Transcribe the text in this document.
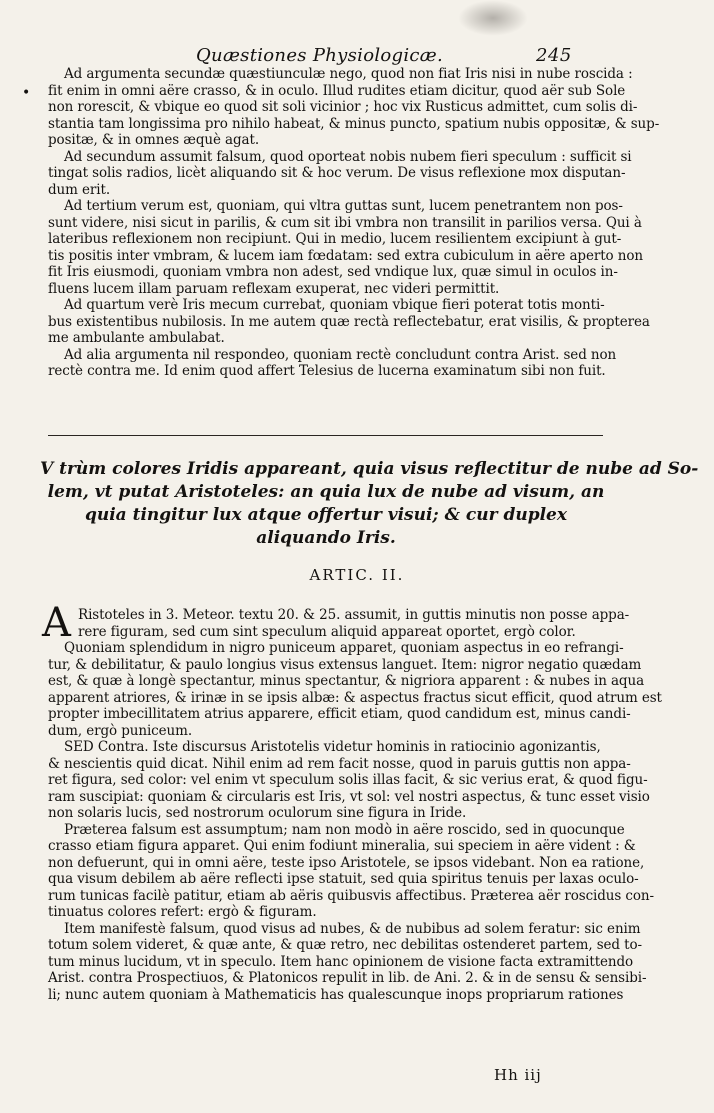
Quæstiones Physiologicæ.	245
•

Ad argumenta secundæ quæstiunculæ nego, quod non fiat Iris nisi in nube roscida :
fit enim in omni aëre crasso, & in oculo. Illud rudites etiam dicitur, quod aër sub Sole
non rorescit, & vbique eo quod sit soli vicinior ; hoc vix Rusticus admittet, cum solis di-
stantia tam longissima pro nihilo habeat, & minus puncto, spatium nubis oppositæ, & sup-
positæ, & in omnes æquè agat.

Ad secundum assumit falsum, quod oporteat nobis nubem fieri speculum : sufficit si
tingat solis radios, licèt aliquando sit & hoc verum. De visus reflexione mox disputan-
dum erit.

Ad tertium verum est, quoniam, qui vltra guttas sunt, lucem penetrantem non pos-
sunt videre, nisi sicut in parilis, & cum sit ibi vmbra non transilit in parilios versa. Qui à
lateribus reflexionem non recipiunt. Qui in medio, lucem resilientem excipiunt à gut-
tis positis inter vmbram, & lucem iam fœdatam: sed extra cubiculum in aëre aperto non
fit Iris eiusmodi, quoniam vmbra non adest, sed vndique lux, quæ simul in oculos in-
fluens lucem illam paruam reflexam exuperat, nec videri permittit.

Ad quartum verè Iris mecum currebat, quoniam vbique fieri poterat totis monti-
bus existentibus nubilosis. In me autem quæ rectà reflectebatur, erat visilis, & propterea
me ambulante ambulabat.

Ad alia argumenta nil respondeo, quoniam rectè concludunt contra Arist. sed non
rectè contra me. Id enim quod affert Telesius de lucerna examinatum sibi non fuit.

V trùm colores Iridis appareant, quia visus reflectitur de nube ad So-
lem, vt putat Aristoteles: an quia lux de nube ad visum, an
quia tingitur lux atque offertur visui; & cur duplex
aliquando Iris.
ARTIC. II.
A Ristoteles in 3. Meteor. textu 20. & 25. assumit, in guttis minutis non posse appa-
rere figuram, sed cum sint speculum aliquid appareat oportet, ergò color.

Quoniam splendidum in nigro puniceum apparet, quoniam aspectus in eo refrangi-
tur, & debilitatur, & paulo longius visus extensus languet. Item: nigror negatio quædam
est, & quæ à longè spectantur, minus spectantur, & nigriora apparent : & nubes in aqua
apparent atriores, & irinæ in se ipsis albæ: & aspectus fractus sicut efficit, quod atrum est
propter imbecillitatem atrius apparere, efficit etiam, quod candidum est, minus candi-
dum, ergò puniceum.

SED Contra. Iste discursus Aristotelis videtur hominis in ratiocinio agonizantis,
& nescientis quid dicat. Nihil enim ad rem facit nosse, quod in paruis guttis non appa-
ret figura, sed color: vel enim vt speculum solis illas facit, & sic verius erat, & quod figu-
ram suscipiat: quoniam & circularis est Iris, vt sol: vel nostri aspectus, & tunc esset visio
non solaris lucis, sed nostrorum oculorum sine figura in Iride.

Præterea falsum est assumptum; nam non modò in aëre roscido, sed in quocunque
crasso etiam figura apparet. Qui enim fodiunt mineralia, sui speciem in aëre vident : &
non defuerunt, qui in omni aëre, teste ipso Aristotele, se ipsos videbant. Non ea ratione,
qua visum debilem ab aëre reflecti ipse statuit, sed quia spiritus tenuis per laxas oculo-
rum tunicas facilè patitur, etiam ab aëris quibusvis affectibus. Præterea aër roscidus con-
tinuatus colores refert: ergò & figuram.

Item manifestè falsum, quod visus ad nubes, & de nubibus ad solem feratur: sic enim
totum solem videret, & quæ ante, & quæ retro, nec debilitas ostenderet partem, sed to-
tum minus lucidum, vt in speculo. Item hanc opinionem de visione facta extramittendo
Arist. contra Prospectiuos, & Platonicos repulit in lib. de Ani. 2. & in de sensu & sensibi-
li; nunc autem quoniam à Mathematicis has qualescunque inops propriarum rationes

Hh iij
